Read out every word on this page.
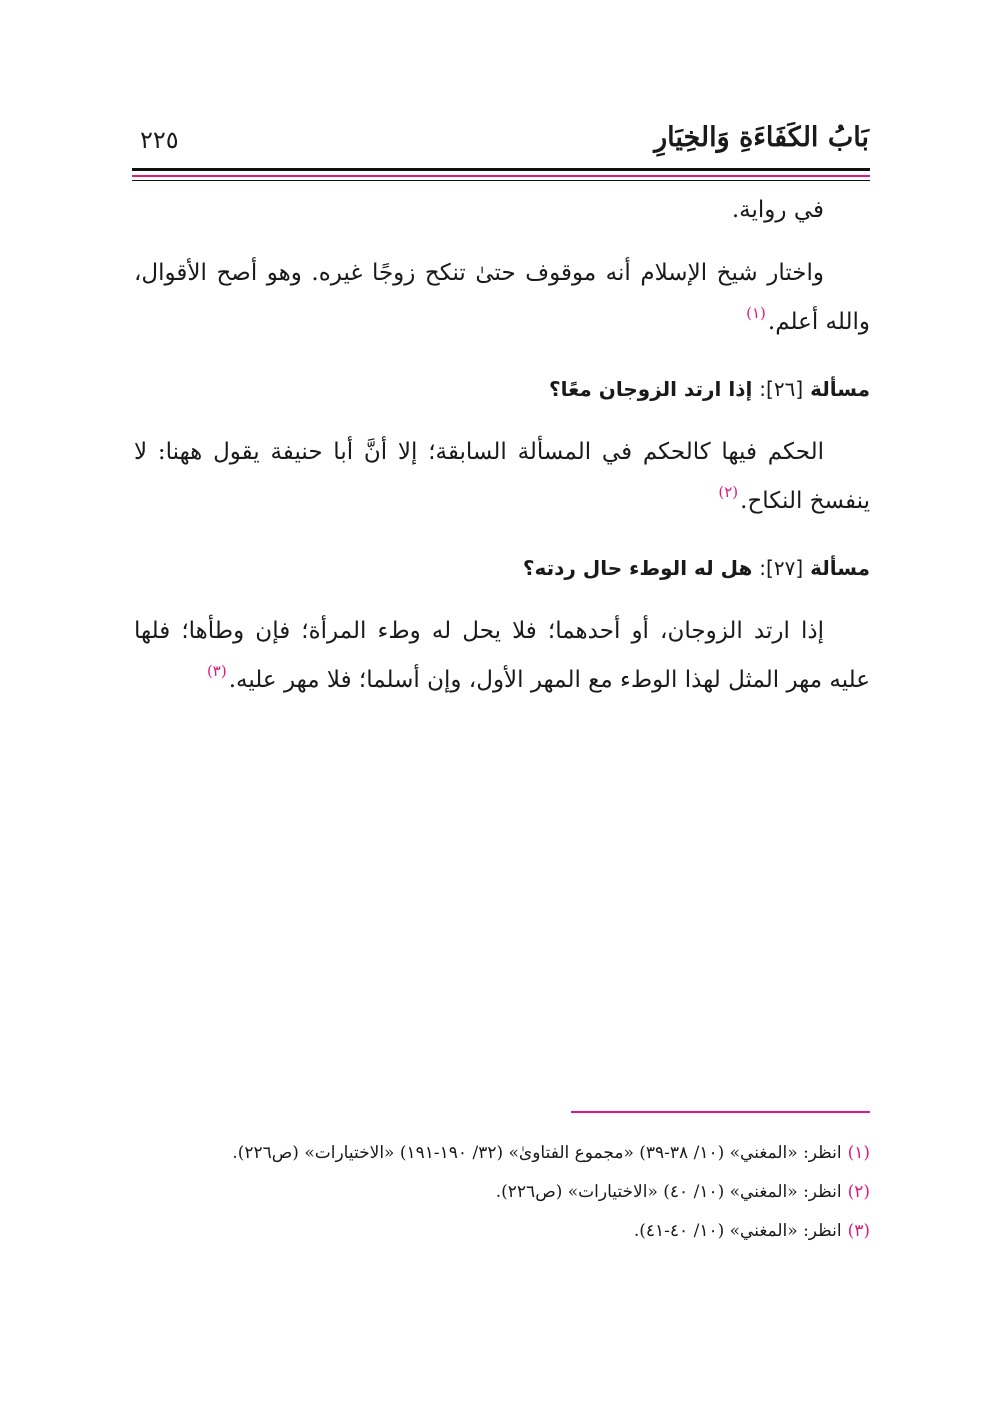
بَابُ الكَفَاءَةِ وَالخِيَارِ
٢٢٥

في رواية.

واختار شيخ الإسلام أنه موقوف حتىٰ تنكح زوجًا غيره. وهو أصح الأقوال، والله أعلم.$^{(١)}$

مسألة [٢٦]: إذا ارتد الزوجان معًا؟

الحكم فيها كالحكم في المسألة السابقة؛ إلا أنَّ أبا حنيفة يقول ههنا: لا ينفسخ النكاح.$^{(٢)}$

مسألة [٢٧]: هل له الوطء حال ردته؟

إذا ارتد الزوجان، أو أحدهما؛ فلا يحل له وطء المرأة؛ فإن وطأها؛ فلها عليه مهر المثل لهذا الوطء مع المهر الأول، وإن أسلما؛ فلا مهر عليه.$^{(٣)}$

(١)انظر: «المغني» (١٠/ ٣٨-٣٩) «مجموع الفتاوىٰ» (٣٢/ ١٩٠-١٩١) «الاختيارات» (ص٢٢٦).

(٢)انظر: «المغني» (١٠/ ٤٠) «الاختيارات» (ص٢٢٦).

(٣)انظر: «المغني» (١٠/ ٤٠-٤١).
